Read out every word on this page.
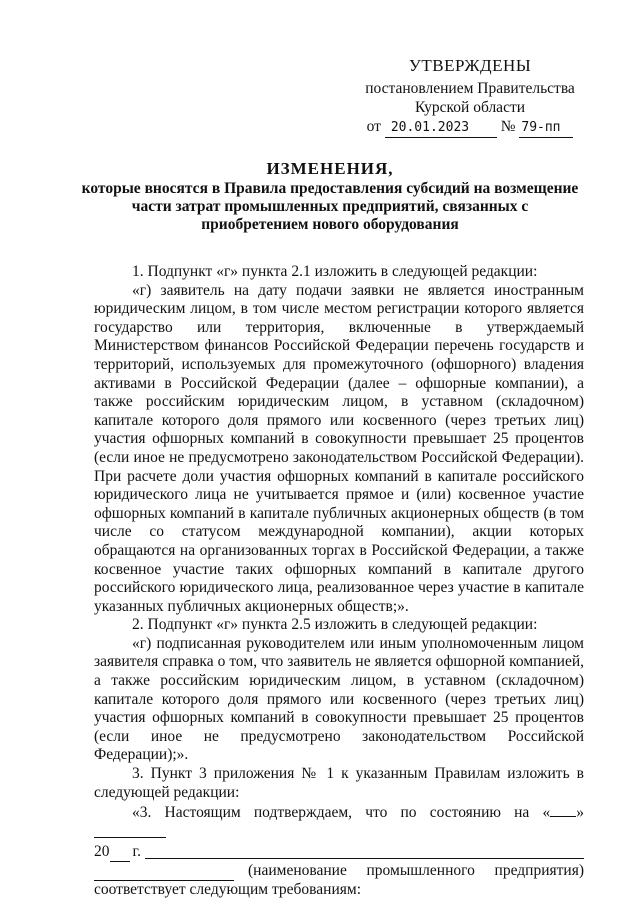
УТВЕРЖДЕНЫ
постановлением Правительства
Курской области
от 20.01.2023 № 79-пп
ИЗМЕНЕНИЯ,
которые вносятся в Правила предоставления субсидий на возмещение
части затрат промышленных предприятий, связанных с
приобретением нового оборудования

1. Подпункт «г» пункта 2.1 изложить в следующей редакции:

«г) заявитель на дату подачи заявки не является иностранным юридическим лицом, в том числе местом регистрации которого является государство или территория, включенные в утверждаемый Министерством финансов Российской Федерации перечень государств и территорий, используемых для промежуточного (офшорного) владения активами в Российской Федерации (далее – офшорные компании), а также российским юридическим лицом, в уставном (складочном) капитале которого доля прямого или косвенного (через третьих лиц) участия офшорных компаний в совокупности превышает 25 процентов (если иное не предусмотрено законодательством Российской Федерации). При расчете доли участия офшорных компаний в капитале российского юридического лица не учитывается прямое и (или) косвенное участие офшорных компаний в капитале публичных акционерных обществ (в том числе со статусом международной компании), акции которых обращаются на организованных торгах в Российской Федерации, а также косвенное участие таких офшорных компаний в капитале другого российского юридического лица, реализованное через участие в капитале указанных публичных акционерных обществ;».

2. Подпункт «г» пункта 2.5 изложить в следующей редакции:

«г) подписанная руководителем или иным уполномоченным лицом заявителя справка о том, что заявитель не является офшорной компанией, а также российским юридическим лицом, в уставном (складочном) капитале которого доля прямого или косвенного (через третьих лиц) участия офшорных компаний в совокупности превышает 25 процентов (если иное не предусмотрено законодательством Российской Федерации);».

3. Пункт 3 приложения № 1 к указанным Правилам изложить в следующей редакции:

«3. Настоящим подтверждаем, что по состоянию на « »

20 г.
(наименование промышленного предприятия)
соответствует следующим требованиям:
